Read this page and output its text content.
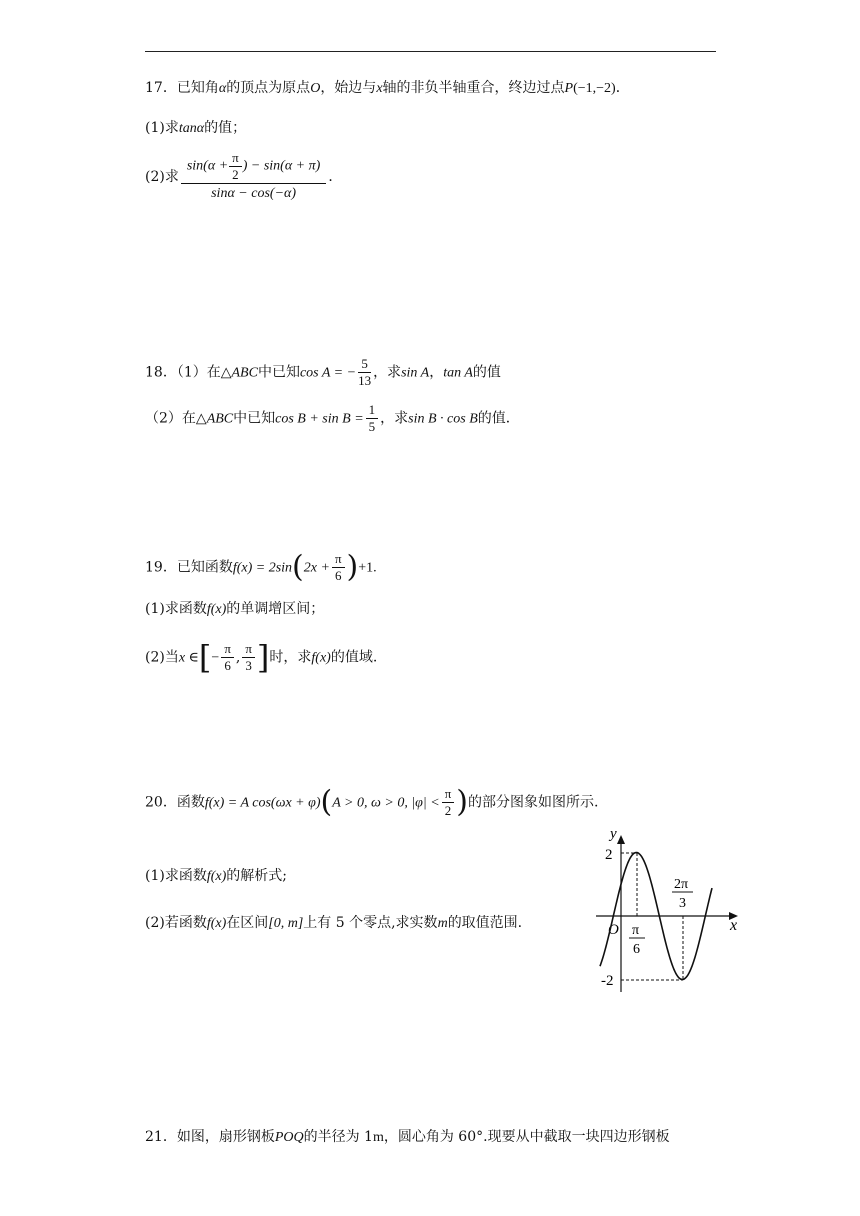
17．已知角α的顶点为原点O，始边与x轴的非负半轴重合，终边过点P(−1,−2)．
(1)求tanα的值；
(2)求 $\frac{\sin(\alpha + \frac{\pi}{2} ) - \sin(\alpha + \pi)}{\sin\alpha - \cos(-\alpha)}$ ．
18．（1）在△ABC中已知cos A = − $\frac{5}{13}$ ，求sin A，tan A的值
（2）在△ABC中已知$\cos B + \sin B = \frac{1}{5}$ ，求sin B · cos B的值．
19．已知函数$f(x) = 2\sin(2x + \frac{\pi}{6} )+1$.
(1)求函数f(x)的单调增区间；
(2)当x ∈[− $\frac{\pi}{6}$ , $\frac{\pi}{3}$ ]时，求f(x)的值域.
20．函数f(x) = A cos(ωx + φ)(A > 0, ω > 0, $|\varphi| < \frac{\pi}{2}$ )的部分图象如图所示.
(1)求函数f(x)的解析式;
(2)若函数f(x)在区间[0, m]上有 5 个零点,求实数m的取值范围.
y
x
O
2
-2
π
6
2π
3
21．如图，扇形钢板POQ的半径为 1m，圆心角为 60°.现要从中截取一块四边形钢板
